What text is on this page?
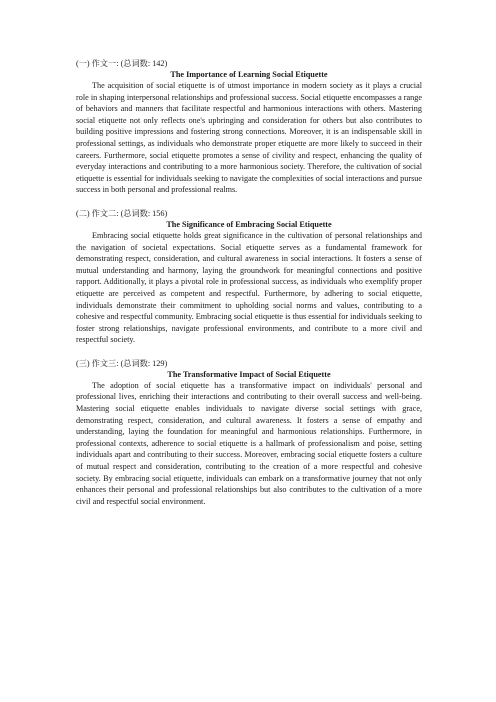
(一) 作文一: (总词数: 142)
The Importance of Learning Social Etiquette

The acquisition of social etiquette is of utmost importance in modern society as it plays a crucial role in shaping interpersonal relationships and professional success. Social etiquette encompasses a range of behaviors and manners that facilitate respectful and harmonious interactions with others. Mastering social etiquette not only reflects one's upbringing and consideration for others but also contributes to building positive impressions and fostering strong connections. Moreover, it is an indispensable skill in professional settings, as individuals who demonstrate proper etiquette are more likely to succeed in their careers. Furthermore, social etiquette promotes a sense of civility and respect, enhancing the quality of everyday interactions and contributing to a more harmonious society. Therefore, the cultivation of social etiquette is essential for individuals seeking to navigate the complexities of social interactions and pursue success in both personal and professional realms.

(二) 作文二: (总词数: 156)
The Significance of Embracing Social Etiquette

Embracing social etiquette holds great significance in the cultivation of personal relationships and the navigation of societal expectations. Social etiquette serves as a fundamental framework for demonstrating respect, consideration, and cultural awareness in social interactions. It fosters a sense of mutual understanding and harmony, laying the groundwork for meaningful connections and positive rapport. Additionally, it plays a pivotal role in professional success, as individuals who exemplify proper etiquette are perceived as competent and respectful. Furthermore, by adhering to social etiquette, individuals demonstrate their commitment to upholding social norms and values, contributing to a cohesive and respectful community. Embracing social etiquette is thus essential for individuals seeking to foster strong relationships, navigate professional environments, and contribute to a more civil and respectful society.

(三) 作文三: (总词数: 129)
The Transformative Impact of Social Etiquette

The adoption of social etiquette has a transformative impact on individuals' personal and professional lives, enriching their interactions and contributing to their overall success and well-being. Mastering social etiquette enables individuals to navigate diverse social settings with grace, demonstrating respect, consideration, and cultural awareness. It fosters a sense of empathy and understanding, laying the foundation for meaningful and harmonious relationships. Furthermore, in professional contexts, adherence to social etiquette is a hallmark of professionalism and poise, setting individuals apart and contributing to their success. Moreover, embracing social etiquette fosters a culture of mutual respect and consideration, contributing to the creation of a more respectful and cohesive society. By embracing social etiquette, individuals can embark on a transformative journey that not only enhances their personal and professional relationships but also contributes to the cultivation of a more civil and respectful social environment.
